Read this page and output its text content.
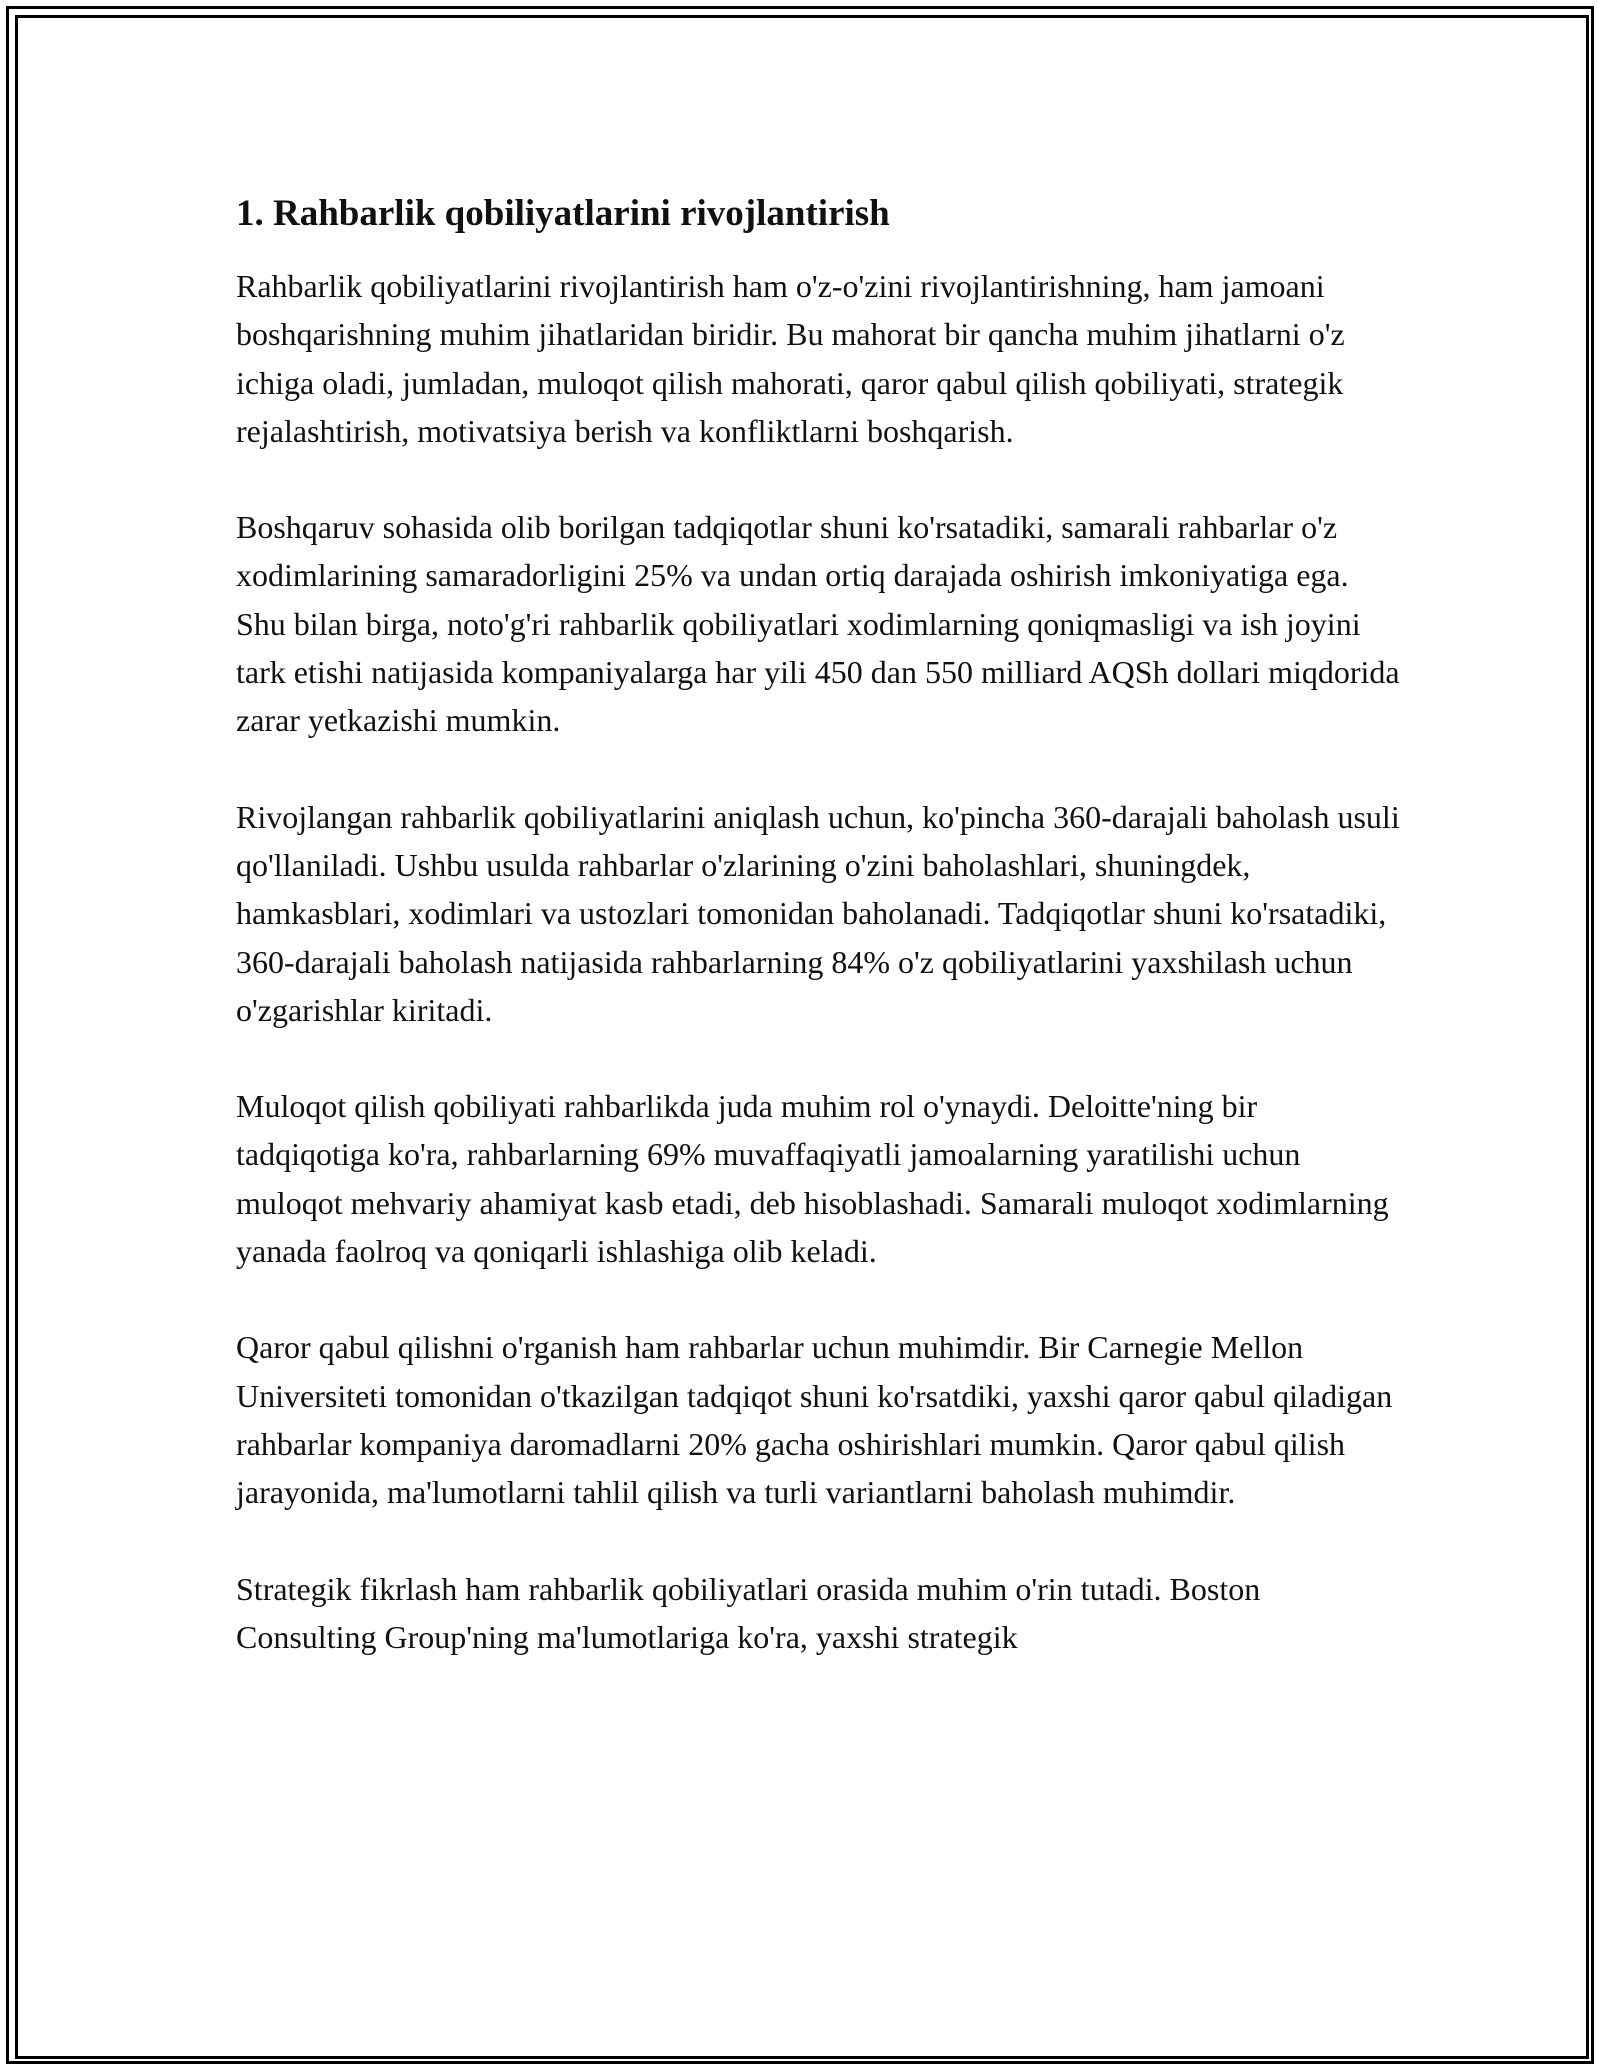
1. Rahbarlik qobiliyatlarini rivojlantirish

Rahbarlik qobiliyatlarini rivojlantirish ham o'z-o'zini rivojlantirishning, ham jamoani boshqarishning muhim jihatlaridan biridir. Bu mahorat bir qancha muhim jihatlarni o'z ichiga oladi, jumladan, muloqot qilish mahorati, qaror qabul qilish qobiliyati, strategik rejalashtirish, motivatsiya berish va konfliktlarni boshqarish.

Boshqaruv sohasida olib borilgan tadqiqotlar shuni ko'rsatadiki, samarali rahbarlar o'z xodimlarining samaradorligini 25% va undan ortiq darajada oshirish imkoniyatiga ega. Shu bilan birga, noto'g'ri rahbarlik qobiliyatlari xodimlarning qoniqmasligi va ish joyini tark etishi natijasida kompaniyalarga har yili 450 dan 550 milliard AQSh dollari miqdorida zarar yetkazishi mumkin.

Rivojlangan rahbarlik qobiliyatlarini aniqlash uchun, ko'pincha 360-darajali baholash usuli qo'llaniladi. Ushbu usulda rahbarlar o'zlarining o'zini baholashlari, shuningdek, hamkasblari, xodimlari va ustozlari tomonidan baholanadi. Tadqiqotlar shuni ko'rsatadiki, 360-darajali baholash natijasida rahbarlarning 84% o'z qobiliyatlarini yaxshilash uchun o'zgarishlar kiritadi.

Muloqot qilish qobiliyati rahbarlikda juda muhim rol o'ynaydi. Deloitte'ning bir tadqiqotiga ko'ra, rahbarlarning 69% muvaffaqiyatli jamoalarning yaratilishi uchun muloqot mehvariy ahamiyat kasb etadi, deb hisoblashadi. Samarali muloqot xodimlarning yanada faolroq va qoniqarli ishlashiga olib keladi.

Qaror qabul qilishni o'rganish ham rahbarlar uchun muhimdir. Bir Carnegie Mellon Universiteti tomonidan o'tkazilgan tadqiqot shuni ko'rsatdiki, yaxshi qaror qabul qiladigan rahbarlar kompaniya daromadlarni 20% gacha oshirishlari mumkin. Qaror qabul qilish jarayonida, ma'lumotlarni tahlil qilish va turli variantlarni baholash muhimdir.

Strategik fikrlash ham rahbarlik qobiliyatlari orasida muhim o'rin tutadi. Boston Consulting Group'ning ma'lumotlariga ko'ra, yaxshi strategik
